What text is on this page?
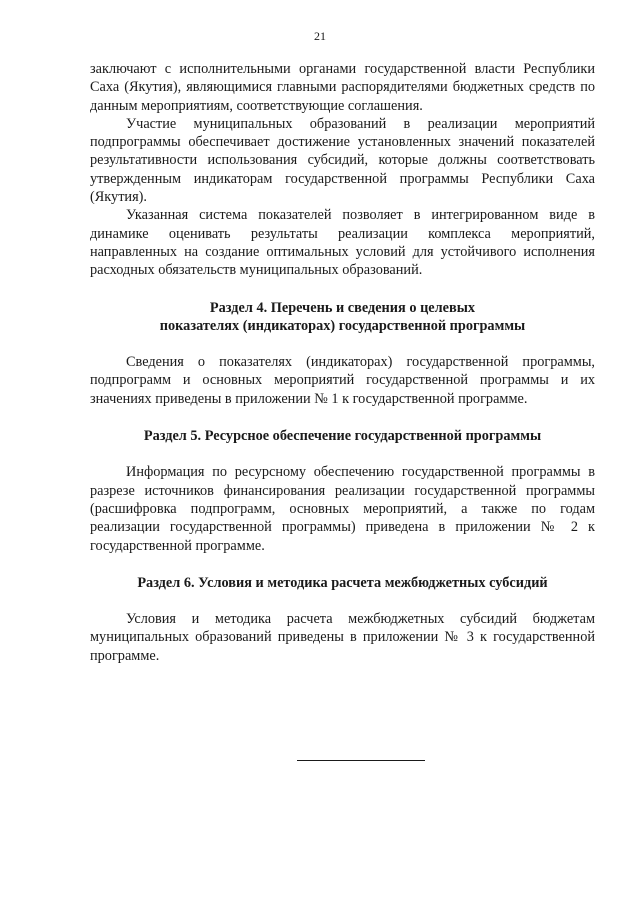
21

заключают с исполнительными органами государственной власти Республики Саха (Якутия), являющимися главными распорядителями бюджетных средств по данным мероприятиям, соответствующие соглашения.

Участие муниципальных образований в реализации мероприятий подпрограммы обеспечивает достижение установленных значений показателей результативности использования субсидий, которые должны соответствовать утвержденным индикаторам государственной программы Республики Саха (Якутия).

Указанная система показателей позволяет в интегрированном виде в динамике оценивать результаты реализации комплекса мероприятий, направленных на создание оптимальных условий для устойчивого исполнения расходных обязательств муниципальных образований.

Раздел 4. Перечень и сведения о целевых
показателях (индикаторах) государственной программы

Сведения о показателях (индикаторах) государственной программы, подпрограмм и основных мероприятий государственной программы и их значениях приведены в приложении № 1 к государственной программе.

Раздел 5. Ресурсное обеспечение государственной программы

Информация по ресурсному обеспечению государственной программы в разрезе источников финансирования реализации государственной программы (расшифровка подпрограмм, основных мероприятий, а также по годам реализации государственной программы) приведена в приложении № 2 к государственной программе.

Раздел 6. Условия и методика расчета межбюджетных субсидий

Условия и методика расчета межбюджетных субсидий бюджетам муниципальных образований приведены в приложении № 3 к государственной программе.
